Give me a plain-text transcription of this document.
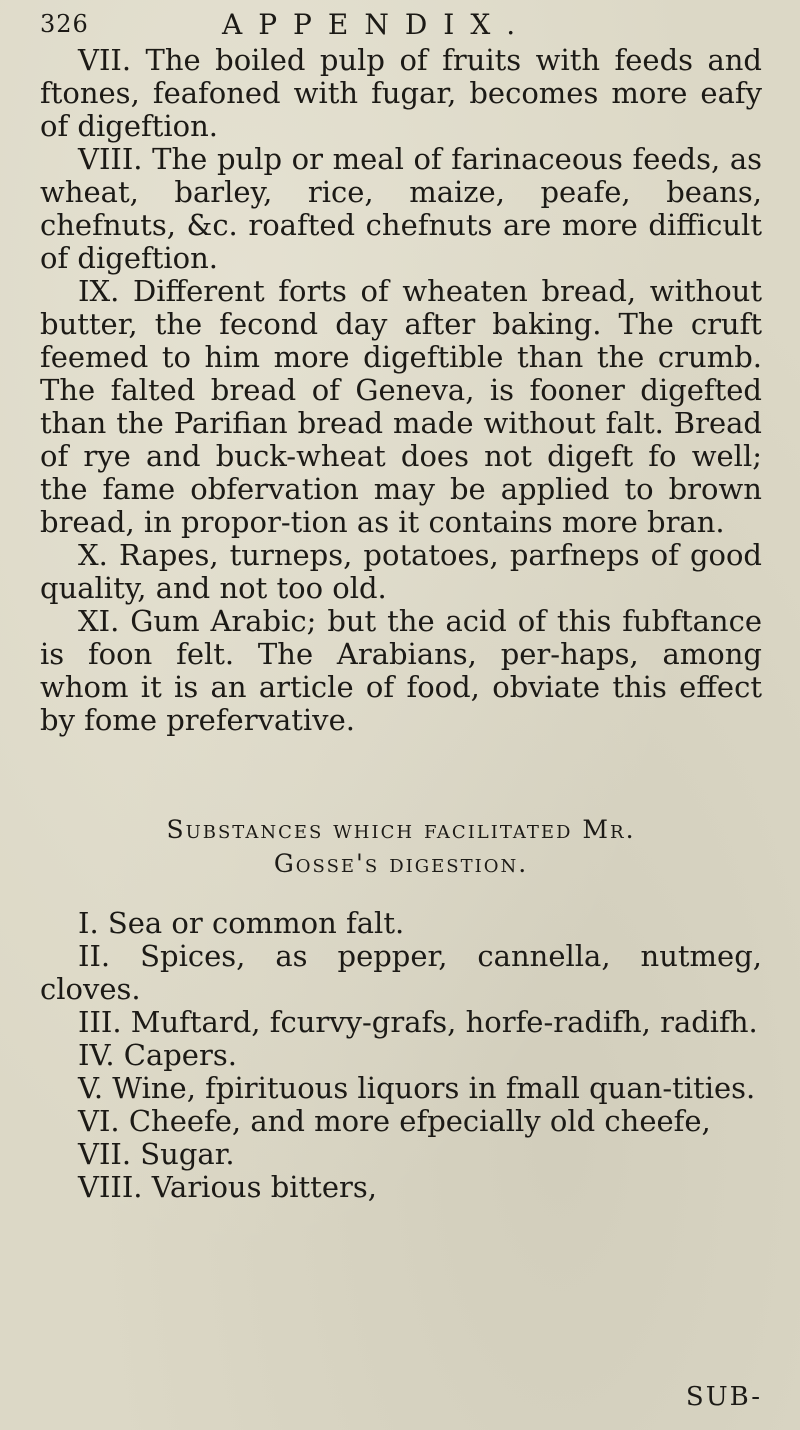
326	APPENDIX.

VII. The boiled pulp of fruits with feeds and ftones, feafoned with fugar, becomes more eafy of digeftion.

VIII. The pulp or meal of farinaceous feeds, as wheat, barley, rice, maize, peafe, beans, chefnuts, &c. roafted chefnuts are more difficult of digeftion.

IX. Different forts of wheaten bread, without butter, the fecond day after baking. The cruft feemed to him more digeftible than the crumb. The falted bread of Geneva, is fooner digefted than the Parifian bread made without falt. Bread of rye and buck-wheat does not digeft fo well; the fame obfervation may be applied to brown bread, in propor-tion as it contains more bran.

X. Rapes, turneps, potatoes, parfneps of good quality, and not too old.

XI. Gum Arabic; but the acid of this fubftance is foon felt. The Arabians, per-haps, among whom it is an article of food, obviate this effect by fome prefervative.

Substances which facilitated Mr.
Gosse's digestion.

I. Sea or common falt.

II. Spices, as pepper, cannella, nutmeg, cloves.

III. Muftard, fcurvy-grafs, horfe-radifh, radifh.

IV. Capers.

V. Wine, fpirituous liquors in fmall quan-tities.

VI. Cheefe, and more efpecially old cheefe,

VII. Sugar.

VIII. Various bitters,

SUB-
